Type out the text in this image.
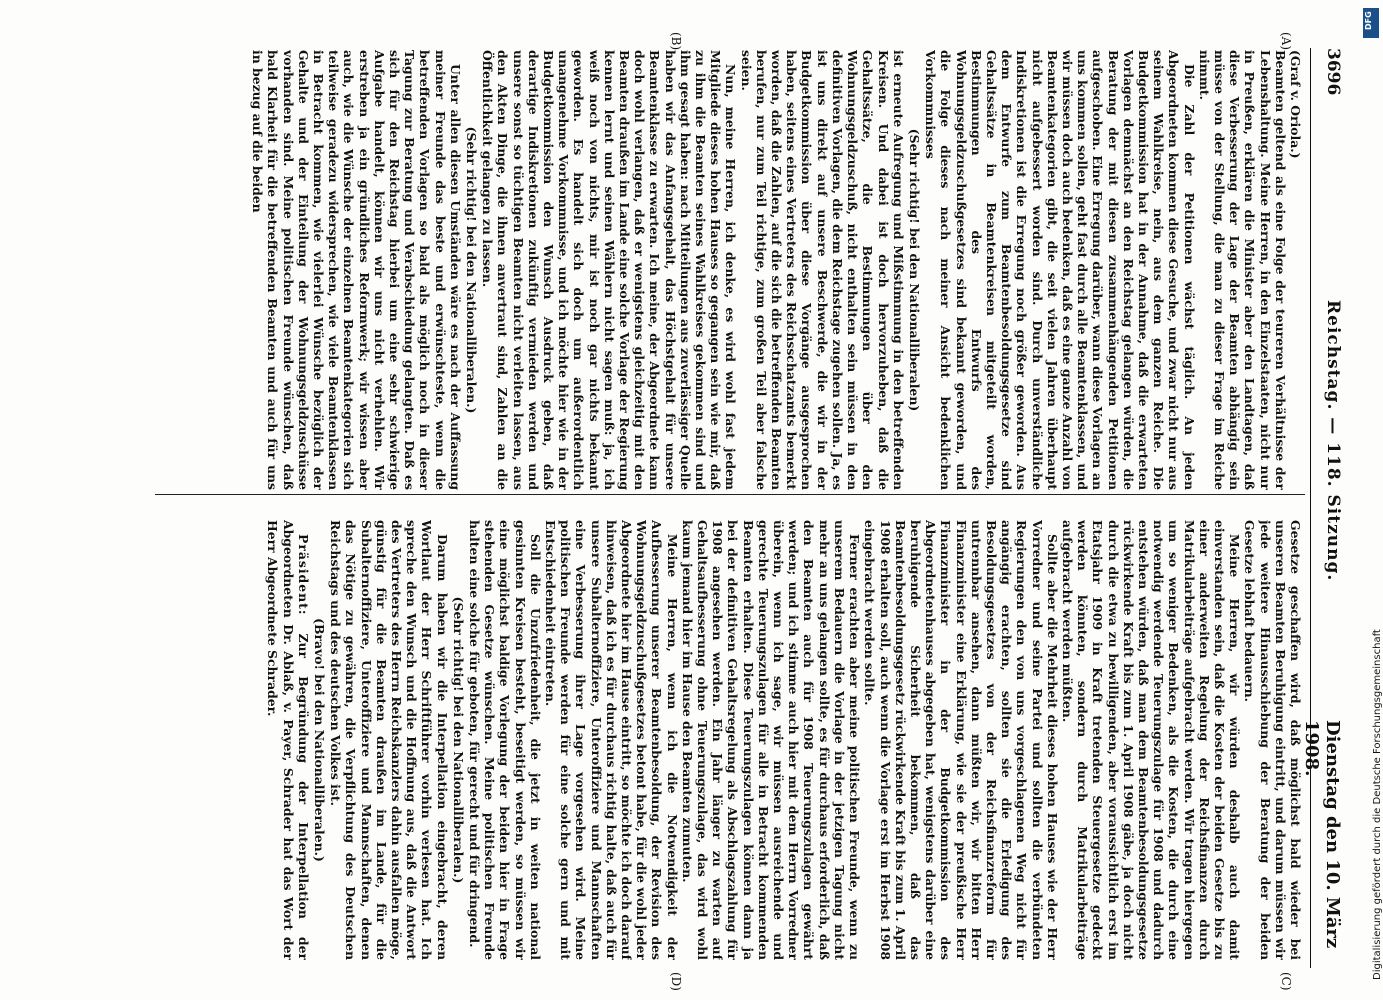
3696
Reichstag. — 118. Sitzung.
Dienstag den 10. März 1908.
(A)
(B)
(C)
(D)

(Graf v. Oriola.)

Beamten geltend als eine Folge der teureren Verhältnisse der Lebenshaltung. Meine Herren, in den Einzelstaaten, nicht nur in Preußen, erklären die Minister aber den Landtagen, daß diese Verbesserung der Lage der Beamten abhängig sein müsse von der Stellung, die man zu dieser Frage im Reiche nimmt.

Die Zahl der Petitionen wächst täglich. An jeden Abgeordneten kommen diese Gesuche, und zwar nicht nur aus seinem Wahlkreise, nein, aus dem ganzen Reiche. Die Budgetkommission hat in der Annahme, daß die erwarteten Vorlagen demnächst an den Reichstag gelangen würden, die Beratung der mit diesen zusammenhängenden Petitionen aufgeschoben. Eine Erregung darüber, wann diese Vorlagen an uns kommen sollen, geht fast durch alle Beamtenklassen, und wir müssen doch auch bedenken, daß es eine ganze Anzahl von Beamtenkategorien gibt, die seit vielen Jahren überhaupt nicht aufgebessert worden sind. Durch unverständliche Indiskretionen ist die Erregung noch größer geworden. Aus dem Entwurfe zum Beamtenbesoldungsgesetze sind Gehaltssätze in Beamtenkreisen mitgeteilt worden, Bestimmungen des Entwurfs des Wohnungsgeldzuschußgesetzes sind bekannt geworden, und die Folge dieses nach meiner Ansicht bedenklichen Vorkommnisses

(Sehr richtig! bei den Nationalliberalen)

ist erneute Aufregung und Mißstimmung in den betreffenden Kreisen. Und dabei ist doch hervorzuheben, daß die Gehaltssätze, die Bestimmungen über den Wohnungsgeldzuschuß, nicht enthalten sein müssen in den definitiven Vorlagen, die dem Reichstage zugehen sollen. Ja, es ist uns direkt auf unsere Beschwerde, die wir in der Budgetkommission über diese Vorgänge ausgesprochen haben, seitens eines Vertreters des Reichsschatzamts bemerkt worden, daß die Zahlen, auf die sich die betreffenden Beamten berufen, nur zum Teil richtige, zum großen Teil aber falsche seien.

Nun, meine Herren, ich denke, es wird wohl fast jedem Mitgliede dieses hohen Hauses so gegangen sein wie mir, daß zu ihm die Beamten seines Wahlkreises gekommen sind und ihm gesagt haben: nach Mitteilungen aus zuverlässiger Quelle haben wir das Anfangsgehalt, das Höchstgehalt für unsere Beamtenklasse zu erwarten. Ich meine, der Abgeordnete kann doch wohl verlangen, daß er wenigstens gleichzeitig mit den Beamten draußen im Lande eine solche Vorlage der Regierung kennen lernt und seinen Wählern nicht sagen muß: ja, ich weiß noch von nichts, mir ist noch gar nichts bekannt geworden. Es handelt sich doch um außerordentlich unangenehme Vorkommnisse, und ich möchte hier wie in der Budgetkommission den Wunsch Ausdruck geben, daß derartige Indiskretionen zukünftig vermieden werden und unsere sonst so tüchtigen Beamten nicht verleiten lassen, aus den Akten Dinge, die ihnen anvertraut sind, Zahlen an die Öffentlichkeit gelangen zu lassen.

(Sehr richtig! bei den Nationalliberalen.)

Unter allen diesen Umständen wäre es nach der Auffassung meiner Freunde das beste und erwünschteste, wenn die betreffenden Vorlagen so bald als möglich noch in dieser Tagung zur Beratung und Verabschiedung gelangten. Daß es sich für den Reichstag hierbei um eine sehr schwierige Aufgabe handelt, können wir uns nicht verhehlen. Wir erstreben ja ein gründliches Reformwerk; wir wissen aber auch, wie die Wünsche der einzelnen Beamtenkategorien sich teilweise geradezu widersprechen, wie viele Beamtenklassen in Betracht kommen, wie vielerlei Wünsche bezüglich der Gehalte und der Einteilung der Wohnungsgeldzuschüsse vorhanden sind. Meine politischen Freunde wünschen, daß bald Klarheit für die betreffenden Beamten und auch für uns in bezug auf die beiden

Gesetze geschaffen wird, daß möglichst bald wieder bei unseren Beamten Beruhigung eintritt, und darum müssen wir jede weitere Hinausschiebung der Beratung der beiden Gesetze lebhaft bedauern.

Meine Herren, wir würden deshalb auch damit einverstanden sein, daß die Kosten der beiden Gesetze bis zu einer anderweiten Regelung der Reichsfinanzen durch Matrikularbeiträge aufgebracht werden. Wir tragen hiergegen um so weniger Bedenken, als die Kosten, die durch eine notwendig werdende Teuerungszulage für 1908 und dadurch entstehen würden, daß man dem Beamtenbesoldungsgesetze rückwirkende Kraft bis zum 1. April 1908 gäbe, ja doch nicht durch die etwa zu bewilligenden, aber voraussichtlich erst im Etatsjahr 1909 in Kraft tretenden Steuergesetze gedeckt werden könnten, sondern durch Matrikularbeiträge aufgebracht werden müßten.

Sollte aber die Mehrheit dieses hohen Hauses wie der Herr Vorredner und seine Partei und sollten die verbündeten Regierungen den von uns vorgeschlagenen Weg nicht für angängig erachten, sollten sie die Erledigung des Besoldungsgesetzes von der Reichsfinanzreform für untrennbar ansehen, dann müßten wir, wir bitten Herr Finanzminister eine Erklärung, wie sie der preußische Herr Finanzminister in der Budgetkommission des Abgeordnetenhauses abgegeben hat, wenigstens darüber eine beruhigende Sicherheit bekommen, daß das Beamtenbesoldungsgesetz rückwirkende Kraft bis zum 1. April 1908 erhalten soll, auch wenn die Vorlage erst im Herbst 1908 eingebracht werden sollte.

Ferner erachten aber meine politischen Freunde, wenn zu unserem Bedauern die Vorlage in der jetzigen Tagung nicht mehr an uns gelangen sollte, es für durchaus erforderlich, daß den Beamten auch für 1908 Teuerungszulagen gewährt werden; und ich stimme auch hier mit dem Herrn Vorredner überein, wenn ich sage, wir müssen ausreichende und gerechte Teuerungszulagen für alle in Betracht kommenden Beamten erhalten. Diese Teuerungszulagen können dann ja bei der definitiven Gehaltsregelung als Abschlagszahlung für 1908 angesehen werden. Ein Jahr länger zu warten auf Gehaltsaufbesserung ohne Teuerungszulage, das wird wohl kaum jemand hier im Hause den Beamten zumuten.

Meine Herren, wenn ich die Notwendigkeit der Aufbesserung unserer Beamtenbesoldung, der Revision des Wohnungsgeldzuschußgesetzes betont habe, für die wohl jeder Abgeordnete hier im Hause eintritt, so möchte ich doch darauf hinweisen, daß ich es für durchaus richtig halte, daß auch für unsere Subalternoffiziere, Unteroffiziere und Mannschaften eine Verbesserung ihrer Lage vorgesehen wird. Meine politischen Freunde werden für eine solche gern und mit Entschiedenheit eintreten.

Soll die Unzufriedenheit, die jetzt in weiten national gesinnten Kreisen besteht, beseitigt werden, so müssen wir eine möglichst baldige Vorlegung der beiden hier in Frage stehenden Gesetze wünschen. Meine politischen Freunde halten eine solche für geboten, für gerecht und für dringend.

(Sehr richtig! bei den Nationalliberalen.)

Darum haben wir die Interpellation eingebracht, deren Wortlaut der Herr Schriftführer vorhin verlesen hat. Ich spreche den Wunsch und die Hoffnung aus, daß die Antwort des Vertreters des Herrn Reichskanzlers dahin ausfallen möge, günstig für die Beamten draußen im Lande, für die Subalternoffiziere, Unteroffiziere und Mannschaften, denen das Nötige zu gewähren, die Verpflichtung des Deutschen Reichstags und des deutschen Volkes ist.

(Bravo! bei den Nationalliberalen.)

Präsident: Zur Begründung der Interpellation der Abgeordneten Dr. Ablaß, v. Payer, Schrader hat das Wort der Herr Abgeordnete Schrader.

Digitalisierung gefördert durch die Deutsche Forschungsgemeinschaft
DFG
